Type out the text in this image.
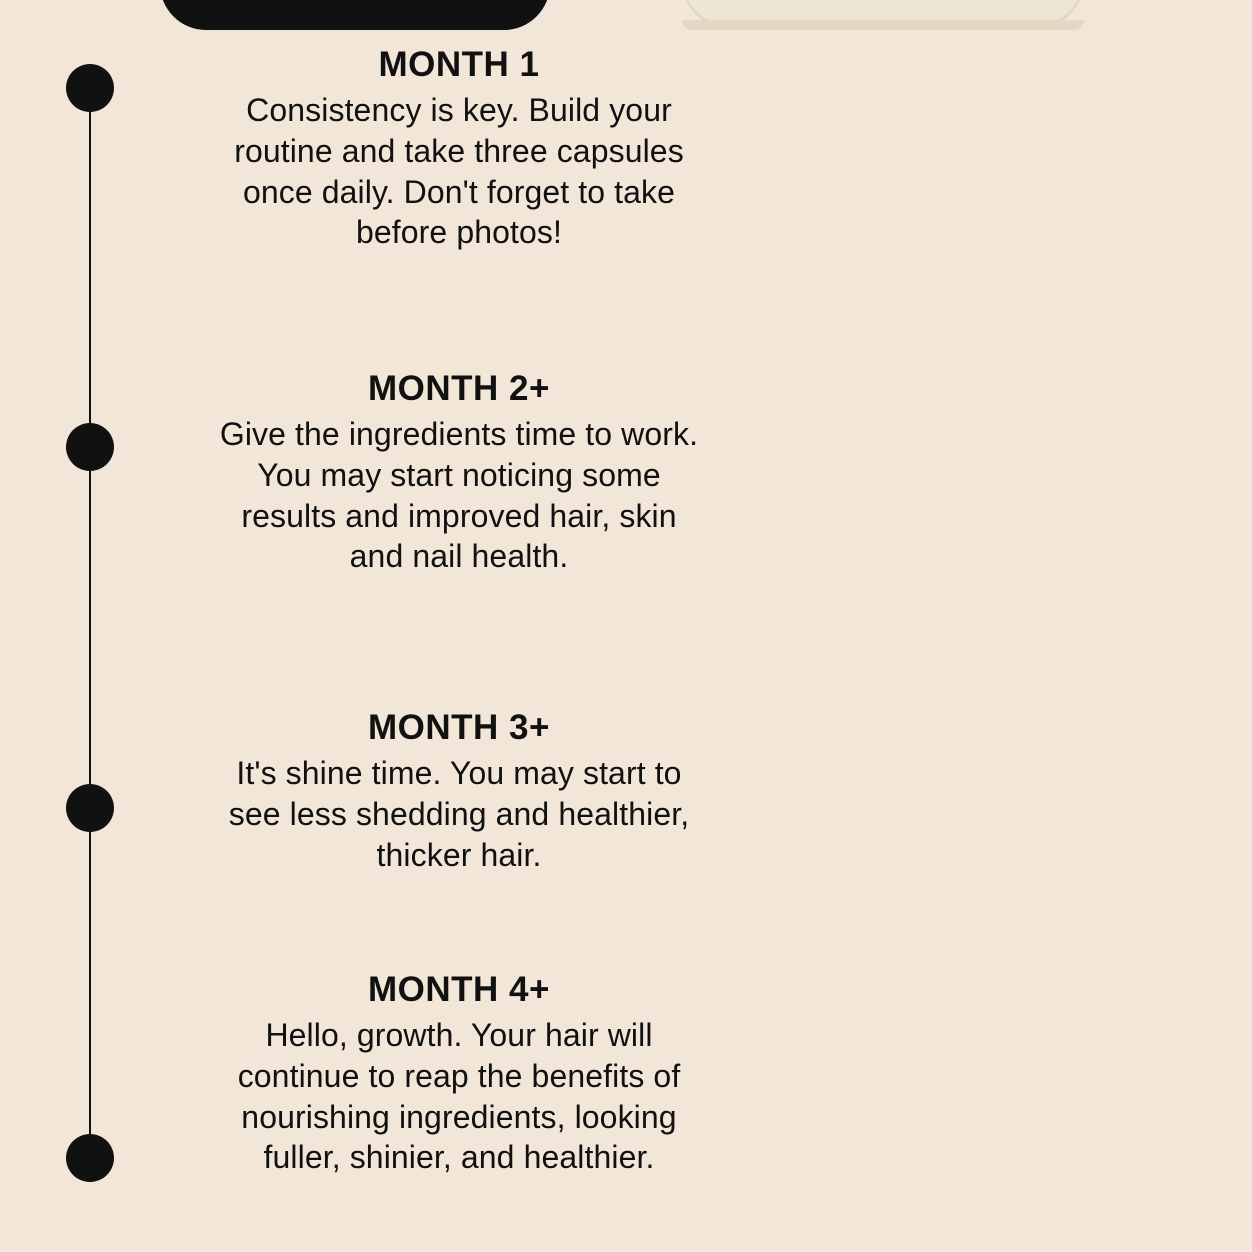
MONTH 1
Consistency is key. Build your routine and take three capsules once daily. Don't forget to take before photos!
MONTH 2+
Give the ingredients time to work. You may start noticing some results and improved hair, skin and nail health.
MONTH 3+
It's shine time. You may start to see less shedding and healthier, thicker hair.
MONTH 4+
Hello, growth. Your hair will continue to reap the benefits of nourishing ingredients, looking fuller, shinier, and healthier.
